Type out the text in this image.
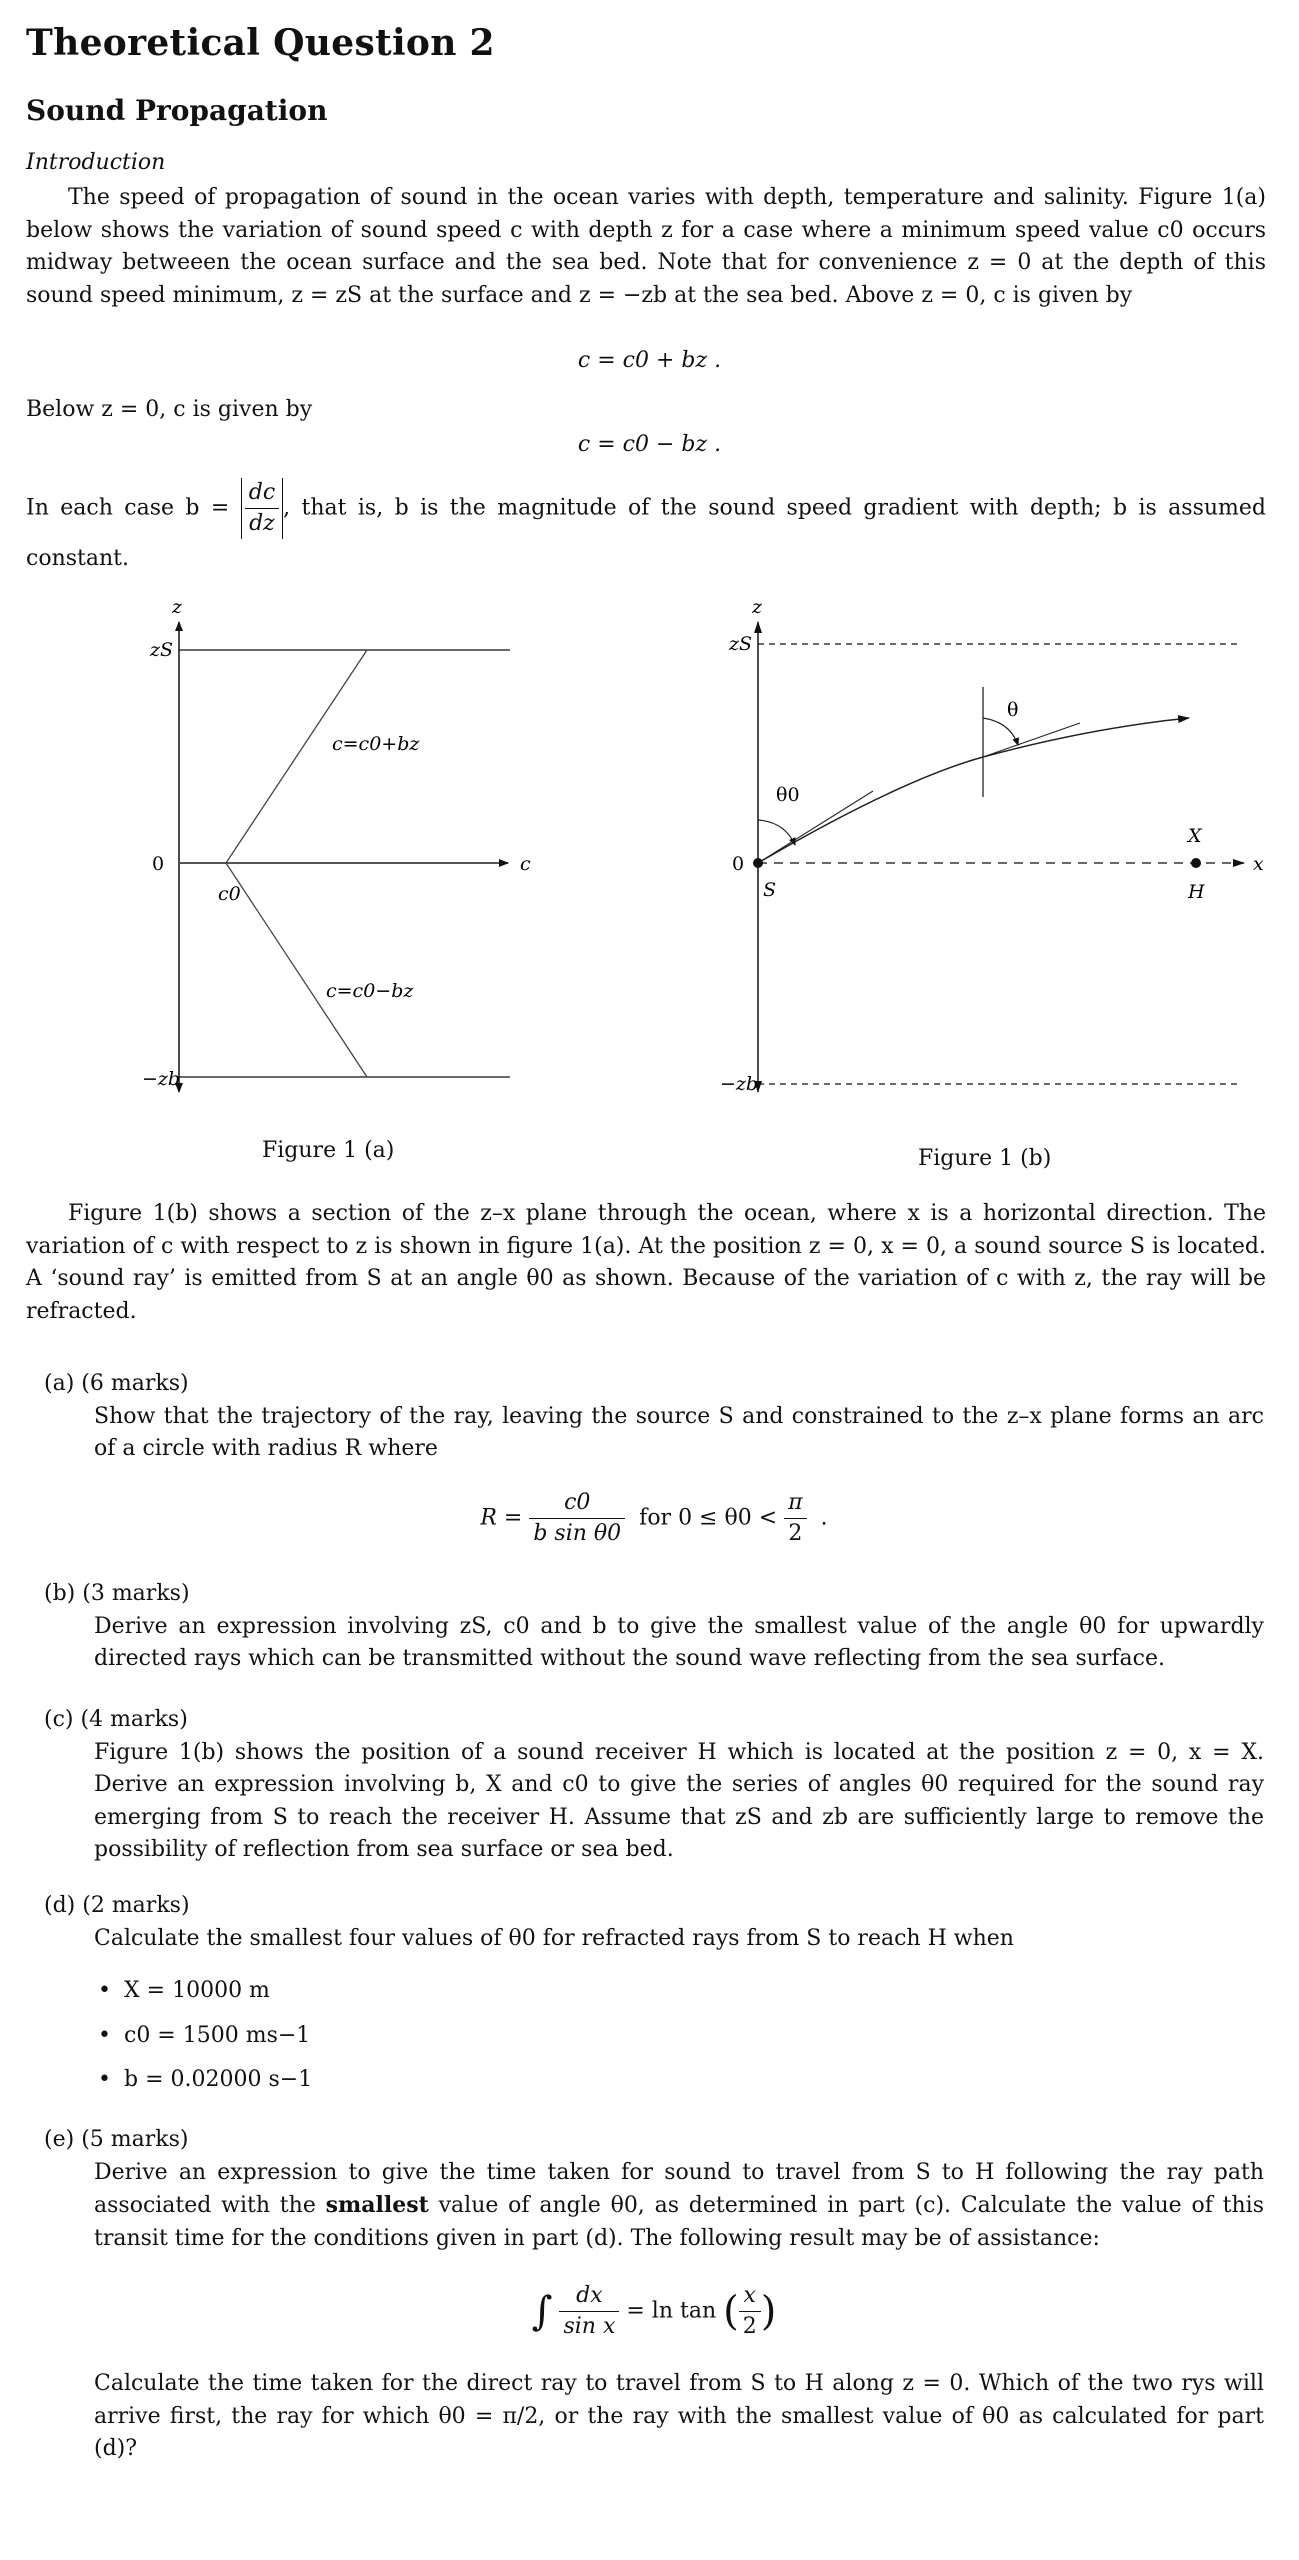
Theoretical Question 2
Sound Propagation
Introduction

The speed of propagation of sound in the ocean varies with depth, temperature and salinity. Figure 1(a) below shows the variation of sound speed c with depth z for a case where a minimum speed value c0 occurs midway betweeen the ocean surface and the sea bed. Note that for convenience z = 0 at the depth of this sound speed minimum, z = zS at the surface and z = −zb at the sea bed. Above z = 0, c is given by

c = c0 + bz .
Below z = 0, c is given by
c = c0 − bz .
In each case $b = \frac{dc}{dz}$ , that is, b is the magnitude of the sound speed gradient with depth; b is assumed constant.
z
zS
0
−zb
c
c0
c=c0+bz
c=c0−bz
Figure 1 (a)
z
zS
0
−zb
x
S	H
X
θ0
θ
Figure 1 (b)

Figure 1(b) shows a section of the z–x plane through the ocean, where x is a horizontal direction. The variation of c with respect to z is shown in figure 1(a). At the position z = 0, x = 0, a sound source S is located. A ‘sound ray’ is emitted from S at an angle θ0 as shown. Because of the variation of c with z, the ray will be refracted.

(a) (6 marks)
Show that the trajectory of the ray, leaving the source S and constrained to the z–x plane forms an arc of a circle with radius R where
$R = \frac{c0}{\text{b sin θ0}}$ for $0 \le \theta 0 < \frac{\pi}{2}$ .
(b) (3 marks)
Derive an expression involving zS, c0 and b to give the smallest value of the angle θ0 for upwardly directed rays which can be transmitted without the sound wave reflecting from the sea surface.
(c) (4 marks)
Figure 1(b) shows the position of a sound receiver H which is located at the position z = 0, x = X. Derive an expression involving b, X and c0 to give the series of angles θ0 required for the sound ray emerging from S to reach the receiver H. Assume that zS and zb are sufficiently large to remove the possibility of reflection from sea surface or sea bed.
(d) (2 marks)
Calculate the smallest four values of θ0 for refracted rays from S to reach H when
• X = 10000 m
• c0 = 1500 ms−1
• b = 0.02000 s−1
(e) (5 marks)
Derive an expression to give the time taken for sound to travel from S to H following the ray path associated with the smallest value of angle θ0, as determined in part (c). Calculate the value of this transit time for the conditions given in part (d). The following result may be of assistance:
∫ $\frac{dx}{\text{sin x}} = \ln \tan$ ( $\frac{x}{2}$ )
Calculate the time taken for the direct ray to travel from S to H along z = 0. Which of the two rys will arrive first, the ray for which θ0 = π/2, or the ray with the smallest value of θ0 as calculated for part (d)?
